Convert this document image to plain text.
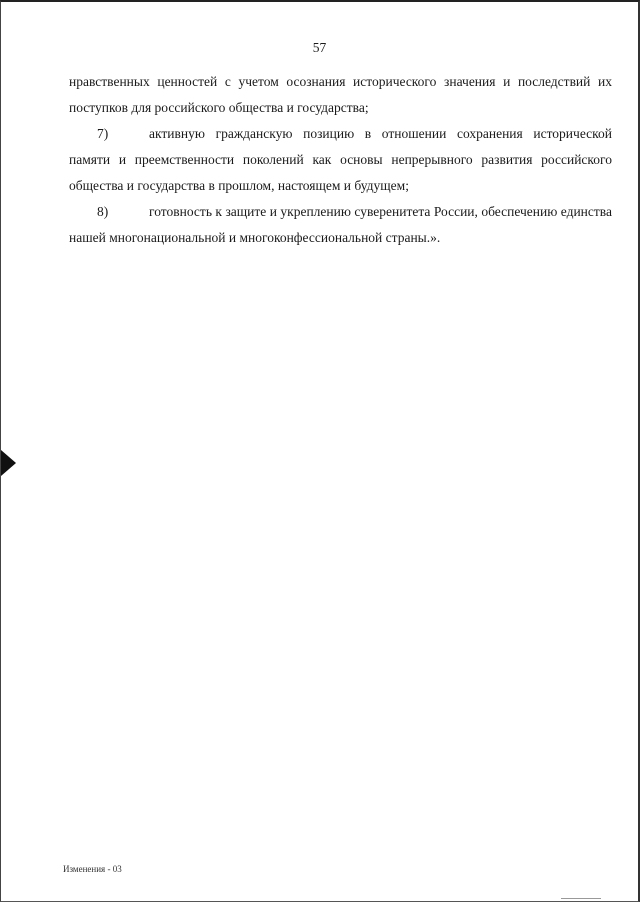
57

нравственных ценностей с учетом осознания исторического значения и последствий их поступков для российского общества и государства;

7)	активную гражданскую позицию в отношении сохранения исторической памяти и преемственности поколений как основы непрерывного развития российского общества и государства в прошлом, настоящем и будущем;

8)	готовность к защите и укреплению суверенитета России, обеспечению единства нашей многонациональной и многоконфессиональной страны.».

Изменения - 03
